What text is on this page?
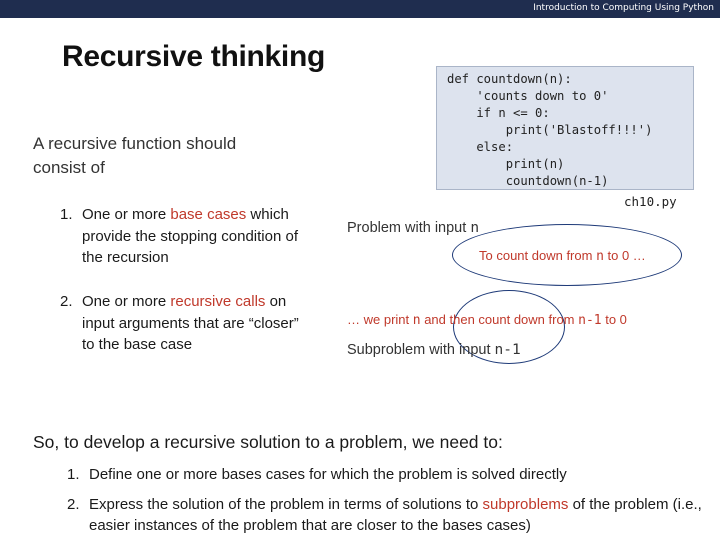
Introduction to Computing Using Python
Recursive thinking
A recursive function should consist of
1. One or more base cases which provide the stopping condition of the recursion
2. One or more recursive calls on input arguments that are “closer” to the base case
def countdown(n):
'counts down to 0'
if n <= 0:
print('Blastoff!!!')
else:
print(n)
countdown(n-1)
ch10.py
Problem with input n
To count down from n to 0 …
… we print n and then count down from n-1 to 0
Subproblem with input n-1
So, to develop a recursive solution to a problem, we need to:
1. Define one or more bases cases for which the problem is solved directly
2. Express the solution of the problem in terms of solutions to subproblems of the problem (i.e., easier instances of the problem that are closer to the bases cases)
